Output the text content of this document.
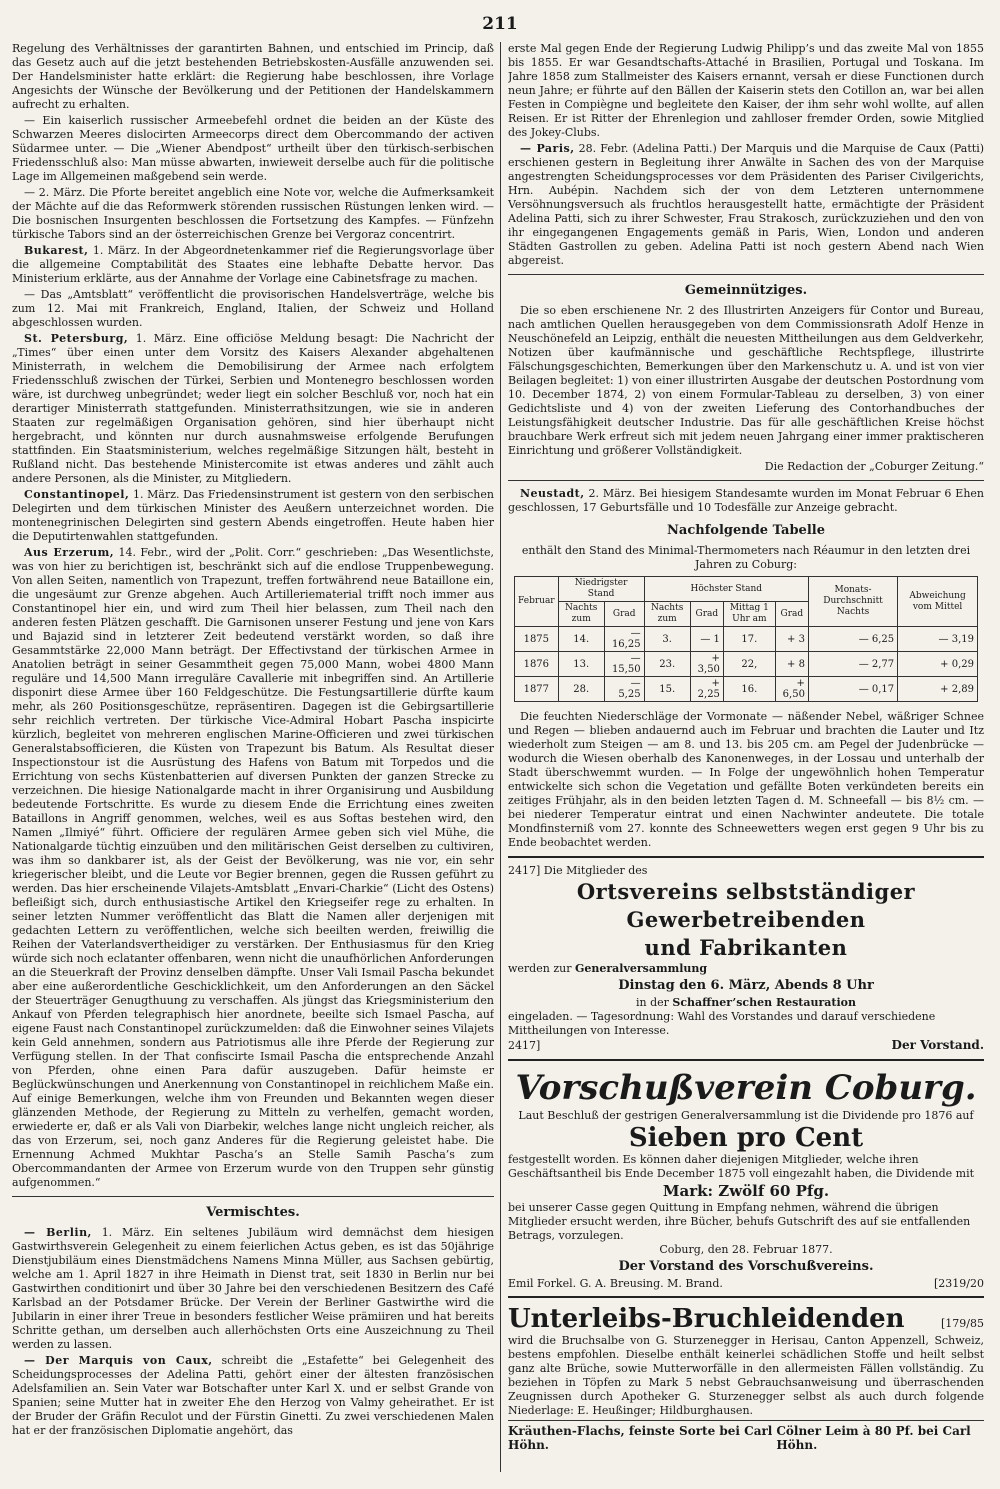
211

Regelung des Verhältnisses der garantirten Bahnen, und entschied im Princip, daß das Gesetz auch auf die jetzt bestehenden Betriebskosten-Ausfälle anzuwenden sei. Der Handelsminister hatte erklärt: die Regierung habe beschlossen, ihre Vorlage Angesichts der Wünsche der Bevölkerung und der Petitionen der Handelskammern aufrecht zu erhalten.

— Ein kaiserlich russischer Armeebefehl ordnet die beiden an der Küste des Schwarzen Meeres dislocirten Armeecorps direct dem Obercommando der activen Südarmee unter. — Die „Wiener Abendpost“ urtheilt über den türkisch-serbischen Friedensschluß also: Man müsse abwarten, inwieweit derselbe auch für die politische Lage im Allgemeinen maßgebend sein werde.

— 2. März. Die Pforte bereitet angeblich eine Note vor, welche die Aufmerksamkeit der Mächte auf die das Reformwerk störenden russischen Rüstungen lenken wird. — Die bosnischen Insurgenten beschlossen die Fortsetzung des Kampfes. — Fünfzehn türkische Tabors sind an der österreichischen Grenze bei Vergoraz concentrirt.

Bukarest, 1. März. In der Abgeordnetenkammer rief die Regierungsvorlage über die allgemeine Comptabilität des Staates eine lebhafte Debatte hervor. Das Ministerium erklärte, aus der Annahme der Vorlage eine Cabinetsfrage zu machen.

— Das „Amtsblatt“ veröffentlicht die provisorischen Handelsverträge, welche bis zum 12. Mai mit Frankreich, England, Italien, der Schweiz und Holland abgeschlossen wurden.

St. Petersburg, 1. März. Eine officiöse Meldung besagt: Die Nachricht der „Times“ über einen unter dem Vorsitz des Kaisers Alexander abgehaltenen Ministerrath, in welchem die Demobilisirung der Armee nach erfolgtem Friedensschluß zwischen der Türkei, Serbien und Montenegro beschlossen worden wäre, ist durchweg unbegründet; weder liegt ein solcher Beschluß vor, noch hat ein derartiger Ministerrath stattgefunden. Ministerrathsitzungen, wie sie in anderen Staaten zur regelmäßigen Organisation gehören, sind hier überhaupt nicht hergebracht, und könnten nur durch ausnahmsweise erfolgende Berufungen stattfinden. Ein Staatsministerium, welches regelmäßige Sitzungen hält, besteht in Rußland nicht. Das bestehende Ministercomite ist etwas anderes und zählt auch andere Personen, als die Minister, zu Mitgliedern.

Constantinopel, 1. März. Das Friedensinstrument ist gestern von den serbischen Delegirten und dem türkischen Minister des Aeußern unterzeichnet worden. Die montenegrinischen Delegirten sind gestern Abends eingetroffen. Heute haben hier die Deputirtenwahlen stattgefunden.

Aus Erzerum, 14. Febr., wird der „Polit. Corr.“ geschrieben: „Das Wesentlichste, was von hier zu berichtigen ist, beschränkt sich auf die endlose Truppenbewegung. Von allen Seiten, namentlich von Trapezunt, treffen fortwährend neue Bataillone ein, die ungesäumt zur Grenze abgehen. Auch Artilleriematerial trifft noch immer aus Constantinopel hier ein, und wird zum Theil hier belassen, zum Theil nach den anderen festen Plätzen geschafft. Die Garnisonen unserer Festung und jene von Kars und Bajazid sind in letzterer Zeit bedeutend verstärkt worden, so daß ihre Gesammtstärke 22,000 Mann beträgt. Der Effectivstand der türkischen Armee in Anatolien beträgt in seiner Gesammtheit gegen 75,000 Mann, wobei 4800 Mann reguläre und 14,500 Mann irreguläre Cavallerie mit inbegriffen sind. An Artillerie disponirt diese Armee über 160 Feldgeschütze. Die Festungsartillerie dürfte kaum mehr, als 260 Positionsgeschütze, repräsentiren. Dagegen ist die Gebirgsartillerie sehr reichlich vertreten. Der türkische Vice-Admiral Hobart Pascha inspicirte kürzlich, begleitet von mehreren englischen Marine-Officieren und zwei türkischen Generalstabsofficieren, die Küsten von Trapezunt bis Batum. Als Resultat dieser Inspectionstour ist die Ausrüstung des Hafens von Batum mit Torpedos und die Errichtung von sechs Küstenbatterien auf diversen Punkten der ganzen Strecke zu verzeichnen. Die hiesige Nationalgarde macht in ihrer Organisirung und Ausbildung bedeutende Fortschritte. Es wurde zu diesem Ende die Errichtung eines zweiten Bataillons in Angriff genommen, welches, weil es aus Softas bestehen wird, den Namen „Ilmiyé“ führt. Officiere der regulären Armee geben sich viel Mühe, die Nationalgarde tüchtig einzuüben und den militärischen Geist derselben zu cultiviren, was ihm so dankbarer ist, als der Geist der Bevölkerung, was nie vor, ein sehr kriegerischer bleibt, und die Leute vor Begier brennen, gegen die Russen geführt zu werden. Das hier erscheinende Vilajets-Amtsblatt „Envari-Charkie“ (Licht des Ostens) befleißigt sich, durch enthusiastische Artikel den Kriegseifer rege zu erhalten. In seiner letzten Nummer veröffentlicht das Blatt die Namen aller derjenigen mit gedachten Lettern zu veröffentlichen, welche sich beeilten werden, freiwillig die Reihen der Vaterlandsvertheidiger zu verstärken. Der Enthusiasmus für den Krieg würde sich noch eclatanter offenbaren, wenn nicht die unaufhörlichen Anforderungen an die Steuerkraft der Provinz denselben dämpfte. Unser Vali Ismail Pascha bekundet aber eine außerordentliche Geschicklichkeit, um den Anforderungen an den Säckel der Steuerträger Genugthuung zu verschaffen. Als jüngst das Kriegsministerium den Ankauf von Pferden telegraphisch hier anordnete, beeilte sich Ismael Pascha, auf eigene Faust nach Constantinopel zurückzumelden: daß die Einwohner seines Vilajets kein Geld annehmen, sondern aus Patriotismus alle ihre Pferde der Regierung zur Verfügung stellen. In der That confiscirte Ismail Pascha die entsprechende Anzahl von Pferden, ohne einen Para dafür auszugeben. Dafür heimste er Beglückwünschungen und Anerkennung von Constantinopel in reichlichem Maße ein. Auf einige Bemerkungen, welche ihm von Freunden und Bekannten wegen dieser glänzenden Methode, der Regierung zu Mitteln zu verhelfen, gemacht worden, erwiederte er, daß er als Vali von Diarbekir, welches lange nicht ungleich reicher, als das von Erzerum, sei, noch ganz Anderes für die Regierung geleistet habe. Die Ernennung Achmed Mukhtar Pascha’s an Stelle Samih Pascha’s zum Obercommandanten der Armee von Erzerum wurde von den Truppen sehr günstig aufgenommen.“

Vermischtes.

— Berlin, 1. März. Ein seltenes Jubiläum wird demnächst dem hiesigen Gastwirthsverein Gelegenheit zu einem feierlichen Actus geben, es ist das 50jährige Dienstjubiläum eines Dienstmädchens Namens Minna Müller, aus Sachsen gebürtig, welche am 1. April 1827 in ihre Heimath in Dienst trat, seit 1830 in Berlin nur bei Gastwirthen conditionirt und über 30 Jahre bei den verschiedenen Besitzern des Café Karlsbad an der Potsdamer Brücke. Der Verein der Berliner Gastwirthe wird die Jubilarin in einer ihrer Treue in besonders festlicher Weise prämiiren und hat bereits Schritte gethan, um derselben auch allerhöchsten Orts eine Auszeichnung zu Theil werden zu lassen.

— Der Marquis von Caux, schreibt die „Estafette“ bei Gelegenheit des Scheidungsprocesses der Adelina Patti, gehört einer der ältesten französischen Adelsfamilien an. Sein Vater war Botschafter unter Karl X. und er selbst Grande von Spanien; seine Mutter hat in zweiter Ehe den Herzog von Valmy geheirathet. Er ist der Bruder der Gräfin Reculot und der Fürstin Ginetti. Zu zwei verschiedenen Malen hat er der französischen Diplomatie angehört, das

erste Mal gegen Ende der Regierung Ludwig Philipp’s und das zweite Mal von 1855 bis 1855. Er war Gesandtschafts-Attaché in Brasilien, Portugal und Toskana. Im Jahre 1858 zum Stallmeister des Kaisers ernannt, versah er diese Functionen durch neun Jahre; er führte auf den Bällen der Kaiserin stets den Cotillon an, war bei allen Festen in Compiègne und begleitete den Kaiser, der ihm sehr wohl wollte, auf allen Reisen. Er ist Ritter der Ehrenlegion und zahlloser fremder Orden, sowie Mitglied des Jokey-Clubs.

— Paris, 28. Febr. (Adelina Patti.) Der Marquis und die Marquise de Caux (Patti) erschienen gestern in Begleitung ihrer Anwälte in Sachen des von der Marquise angestrengten Scheidungsprocesses vor dem Präsidenten des Pariser Civilgerichts, Hrn. Aubépin. Nachdem sich der von dem Letzteren unternommene Versöhnungsversuch als fruchtlos herausgestellt hatte, ermächtigte der Präsident Adelina Patti, sich zu ihrer Schwester, Frau Strakosch, zurückzuziehen und den von ihr eingegangenen Engagements gemäß in Paris, Wien, London und anderen Städten Gastrollen zu geben. Adelina Patti ist noch gestern Abend nach Wien abgereist.

Gemeinnütziges.

Die so eben erschienene Nr. 2 des Illustrirten Anzeigers für Contor und Bureau, nach amtlichen Quellen herausgegeben von dem Commissionsrath Adolf Henze in Neuschönefeld an Leipzig, enthält die neuesten Mittheilungen aus dem Geldverkehr, Notizen über kaufmännische und geschäftliche Rechtspflege, illustrirte Fälschungsgeschichten, Bemerkungen über den Markenschutz u. A. und ist von vier Beilagen begleitet: 1) von einer illustrirten Ausgabe der deutschen Postordnung vom 10. December 1874, 2) von einem Formular-Tableau zu derselben, 3) von einer Gedichtsliste und 4) von der zweiten Lieferung des Contorhandbuches der Leistungsfähigkeit deutscher Industrie. Das für alle geschäftlichen Kreise höchst brauchbare Werk erfreut sich mit jedem neuen Jahrgang einer immer praktischeren Einrichtung und größerer Vollständigkeit.

Die Redaction der „Coburger Zeitung.“

Neustadt, 2. März. Bei hiesigem Standesamte wurden im Monat Februar 6 Ehen geschlossen, 17 Geburtsfälle und 10 Todesfälle zur Anzeige gebracht.

Nachfolgende Tabelle

enthält den Stand des Minimal-Thermometers nach Réaumur in den letzten drei Jahren zu Coburg:

Februar	Niedrigster Stand		Höchster Stand				Monats-Durchschnitt Nachts	Abweichung vom Mittel
	Nachts zum	Grad	Nachts zum	Grad	Mittag 1 Uhr am	Grad		
1875	14.	— 16,25	3.	— 1	17.	+ 3	— 6,25	— 3,19
1876	13.	— 15,50	23.	+ 3,50	22,	+ 8	— 2,77	+ 0,29
1877	28.	— 5,25	15.	+ 2,25	16.	+ 6,50	— 0,17	+ 2,89

Die feuchten Niederschläge der Vormonate — näßender Nebel, wäßriger Schnee und Regen — blieben andauernd auch im Februar und brachten die Lauter und Itz wiederholt zum Steigen — am 8. und 13. bis 205 cm. am Pegel der Judenbrücke — wodurch die Wiesen oberhalb des Kanonenweges, in der Lossau und unterhalb der Stadt überschwemmt wurden. — In Folge der ungewöhnlich hohen Temperatur entwickelte sich schon die Vegetation und gefällte Boten verkündeten bereits ein zeitiges Frühjahr, als in den beiden letzten Tagen d. M. Schneefall — bis 8½ cm. — bei niederer Temperatur eintrat und einen Nachwinter andeutete. Die totale Mondfinsterniß vom 27. konnte des Schneewetters wegen erst gegen 9 Uhr bis zu Ende beobachtet werden.

2417] Die Mitglieder des
Ortsvereins selbstständiger Gewerbetreibenden
und Fabrikanten
werden zur Generalversammlung
Dinstag den 6. März, Abends 8 Uhr
in der Schaffner’schen Restauration
eingeladen. — Tagesordnung: Wahl des Vorstandes und darauf verschiedene Mittheilungen von Interesse.
2417]	Der Vorstand.
Vorschußverein Coburg.
Laut Beschluß der gestrigen Generalversammlung ist die Dividende pro 1876 auf
Sieben pro Cent
festgestellt worden. Es können daher diejenigen Mitglieder, welche ihren Geschäftsantheil bis Ende December 1875 voll eingezahlt haben, die Dividende mit
Mark: Zwölf 60 Pfg.
bei unserer Casse gegen Quittung in Empfang nehmen, während die übrigen Mitglieder ersucht werden, ihre Bücher, behufs Gutschrift des auf sie entfallenden Betrags, vorzulegen.
Coburg, den 28. Februar 1877.
Der Vorstand des Vorschußvereins.
Emil Forkel. G. A. Breusing. M. Brand.	[2319/20
Unterleibs-Bruchleidenden	[179/85
wird die Bruchsalbe von G. Sturzenegger in Herisau, Canton Appenzell, Schweiz, bestens empfohlen. Dieselbe enthält keinerlei schädlichen Stoffe und heilt selbst ganz alte Brüche, sowie Mutterworfälle in den allermeisten Fällen vollständig. Zu beziehen in Töpfen zu Mark 5 nebst Gebrauchsanweisung und überraschenden Zeugnissen durch Apotheker G. Sturzenegger selbst als auch durch folgende Niederlage: E. Heußinger; Hildburghausen.
Kräuthen-Flachs, feinste Sorte bei Carl Höhn.
Cölner Leim à 80 Pf. bei Carl Höhn.
